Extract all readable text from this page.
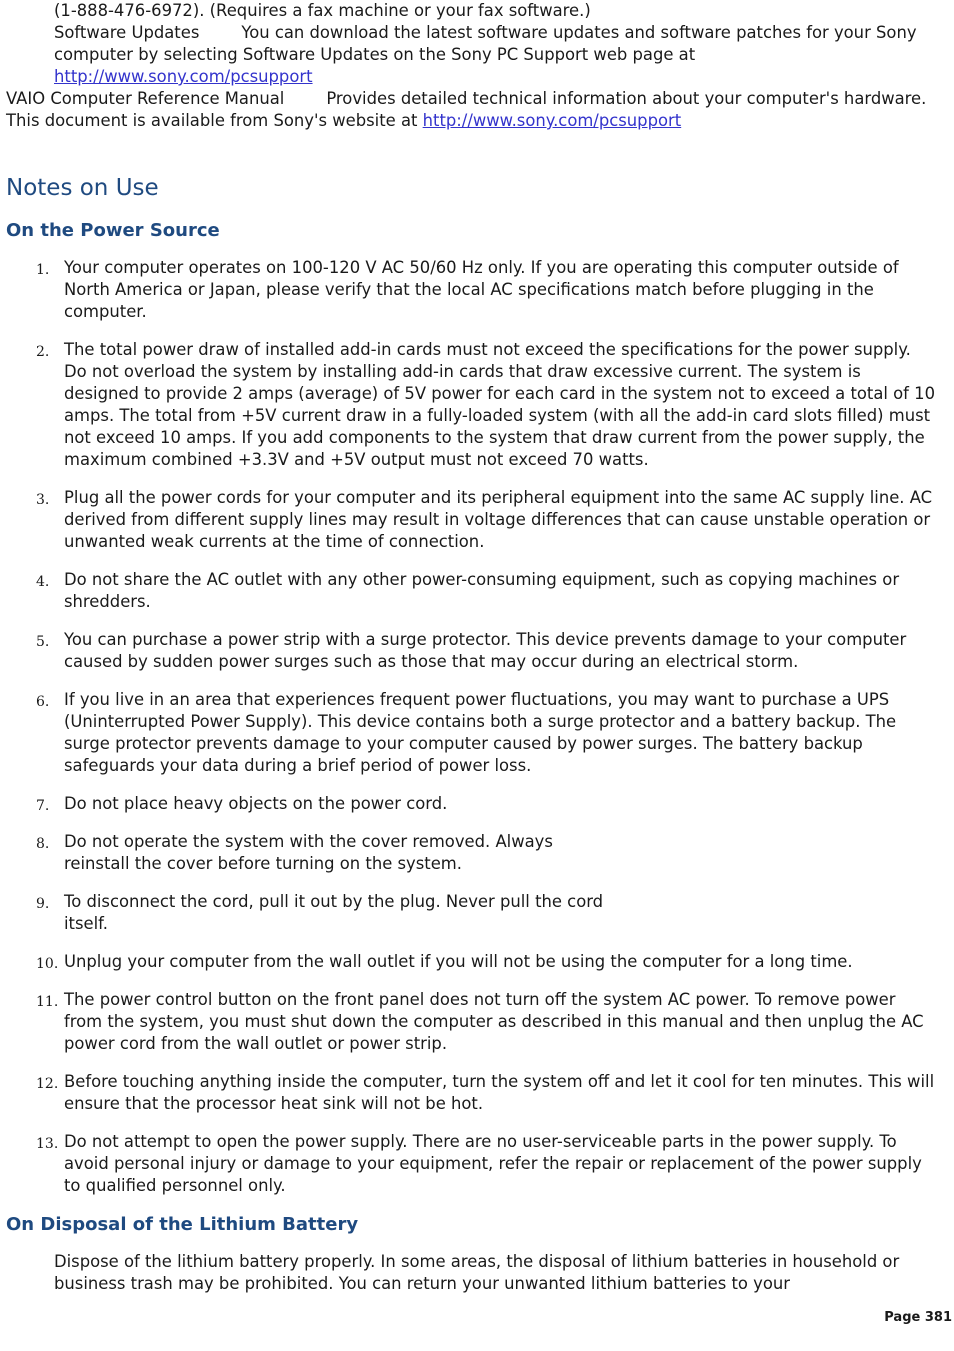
(1-888-476-6972). (Requires a fax machine or your fax software.)
Software Updates	You can download the latest software updates and software patches for your Sony computer by selecting Software Updates on the Sony PC Support web page at http://www.sony.com/pcsupport
VAIO Computer Reference Manual	Provides detailed technical information about your computer's hardware. This document is available from Sony's website at http://www.sony.com/pcsupport
Notes on Use
On the Power Source
1. Your computer operates on 100-120 V AC 50/60 Hz only. If you are operating this computer outside of North America or Japan, please verify that the local AC specifications match before plugging in the computer.
2. The total power draw of installed add-in cards must not exceed the specifications for the power supply. Do not overload the system by installing add-in cards that draw excessive current. The system is designed to provide 2 amps (average) of 5V power for each card in the system not to exceed a total of 10 amps. The total from +5V current draw in a fully-loaded system (with all the add-in card slots filled) must not exceed 10 amps. If you add components to the system that draw current from the power supply, the maximum combined +3.3V and +5V output must not exceed 70 watts.
3. Plug all the power cords for your computer and its peripheral equipment into the same AC supply line. AC derived from different supply lines may result in voltage differences that can cause unstable operation or unwanted weak currents at the time of connection.
4. Do not share the AC outlet with any other power-consuming equipment, such as copying machines or shredders.
5. You can purchase a power strip with a surge protector. This device prevents damage to your computer caused by sudden power surges such as those that may occur during an electrical storm.
6. If you live in an area that experiences frequent power fluctuations, you may want to purchase a UPS (Uninterrupted Power Supply). This device contains both a surge protector and a battery backup. The surge protector prevents damage to your computer caused by power surges. The battery backup safeguards your data during a brief period of power loss.
7. Do not place heavy objects on the power cord.
8. Do not operate the system with the cover removed. Always reinstall the cover before turning on the system.
9. To disconnect the cord, pull it out by the plug. Never pull the cord itself.
10. Unplug your computer from the wall outlet if you will not be using the computer for a long time.
11. The power control button on the front panel does not turn off the system AC power. To remove power from the system, you must shut down the computer as described in this manual and then unplug the AC power cord from the wall outlet or power strip.
12. Before touching anything inside the computer, turn the system off and let it cool for ten minutes. This will ensure that the processor heat sink will not be hot.
13. Do not attempt to open the power supply. There are no user-serviceable parts in the power supply. To avoid personal injury or damage to your equipment, refer the repair or replacement of the power supply to qualified personnel only.
On Disposal of the Lithium Battery
Dispose of the lithium battery properly. In some areas, the disposal of lithium batteries in household or business trash may be prohibited. You can return your unwanted lithium batteries to your
Page 381
